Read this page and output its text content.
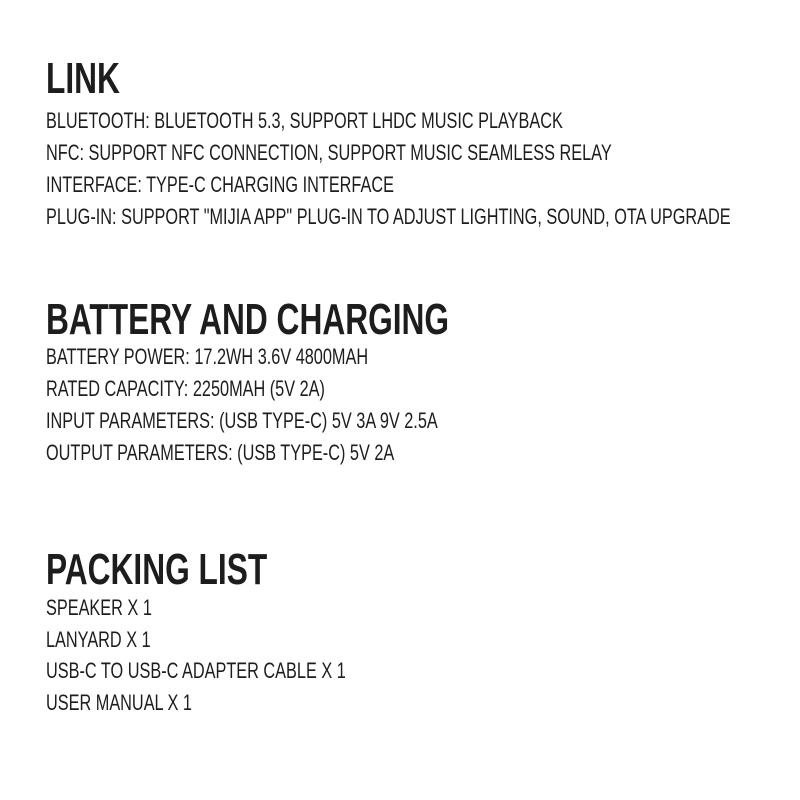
LINK

BLUETOOTH: BLUETOOTH 5.3, SUPPORT LHDC MUSIC PLAYBACK

NFC: SUPPORT NFC CONNECTION, SUPPORT MUSIC SEAMLESS RELAY

INTERFACE: TYPE-C CHARGING INTERFACE

PLUG-IN: SUPPORT "MIJIA APP" PLUG-IN TO ADJUST LIGHTING, SOUND, OTA UPGRADE

BATTERY AND CHARGING

BATTERY POWER: 17.2WH 3.6V 4800MAH

RATED CAPACITY: 2250MAH (5V 2A)

INPUT PARAMETERS: (USB TYPE-C) 5V 3A 9V 2.5A

OUTPUT PARAMETERS: (USB TYPE-C) 5V 2A

PACKING LIST

SPEAKER X 1

LANYARD X 1

USB-C TO USB-C ADAPTER CABLE X 1

USER MANUAL X 1
